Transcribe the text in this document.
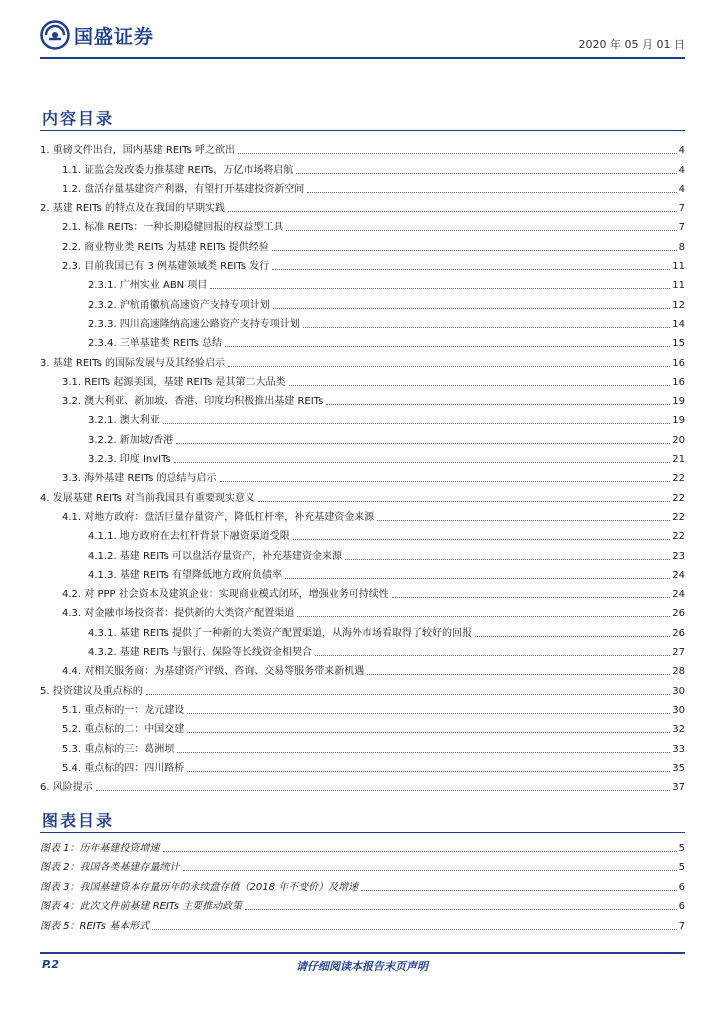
国盛证券	2020 年 05 月 01 日
内容目录
1. 重磅文件出台，国内基建 REITs 呼之欲出	4
1.1. 证监会发改委力推基建 REITs，万亿市场将启航	4
1.2. 盘活存量基建资产利器，有望打开基建投资新空间	4
2. 基建 REITs 的特点及在我国的早期实践	7
2.1. 标准 REITs：一种长期稳健回报的权益型工具	7
2.2. 商业物业类 REITs 为基建 REITs 提供经验	8
2.3. 目前我国已有 3 例基建领域类 REITs 发行	11
2.3.1. 广州实业 ABN 项目	11
2.3.2. 沪杭甬徽杭高速资产支持专项计划	12
2.3.3. 四川高速隆纳高速公路资产支持专项计划	14
2.3.4. 三单基建类 REITs 总结	15
3. 基建 REITs 的国际发展与及其经验启示	16
3.1. REITs 起源美国，基建 REITs 是其第二大品类	16
3.2. 澳大利亚、新加坡、香港、印度均积极推出基建 REITs	19
3.2.1. 澳大利亚	19
3.2.2. 新加坡/香港	20
3.2.3. 印度 InvITs	21
3.3. 海外基建 REITs 的总结与启示	22
4. 发展基建 REITs 对当前我国具有重要现实意义	22
4.1. 对地方政府：盘活巨量存量资产，降低杠杆率，补充基建资金来源	22
4.1.1. 地方政府在去杠杆背景下融资渠道受限	22
4.1.2. 基建 REITs 可以盘活存量资产，补充基建资金来源	23
4.1.3. 基建 REITs 有望降低地方政府负债率	24
4.2. 对 PPP 社会资本及建筑企业：实现商业模式闭环，增强业务可持续性	24
4.3. 对金融市场投资者：提供新的大类资产配置渠道	26
4.3.1. 基建 REITs 提供了一种新的大类资产配置渠道，从海外市场看取得了较好的回报	26
4.3.2. 基建 REITs 与银行、保险等长线资金相契合	27
4.4. 对相关服务商：为基建资产评级、咨询、交易等服务带来新机遇	28
5. 投资建议及重点标的	30
5.1. 重点标的一：龙元建设	30
5.2. 重点标的二：中国交建	32
5.3. 重点标的三：葛洲坝	33
5.4. 重点标的四：四川路桥	35
6. 风险提示	37
图表目录
图表 1：历年基建投资增速	5
图表 2：我国各类基建存量统计	5
图表 3：我国基建资本存量历年的永续盘存值（2018 年不变价）及增速	6
图表 4：此次文件前基建 REITs 主要推动政策	6
图表 5：REITs 基本形式	7
请仔细阅读本报告末页声明
P.2
